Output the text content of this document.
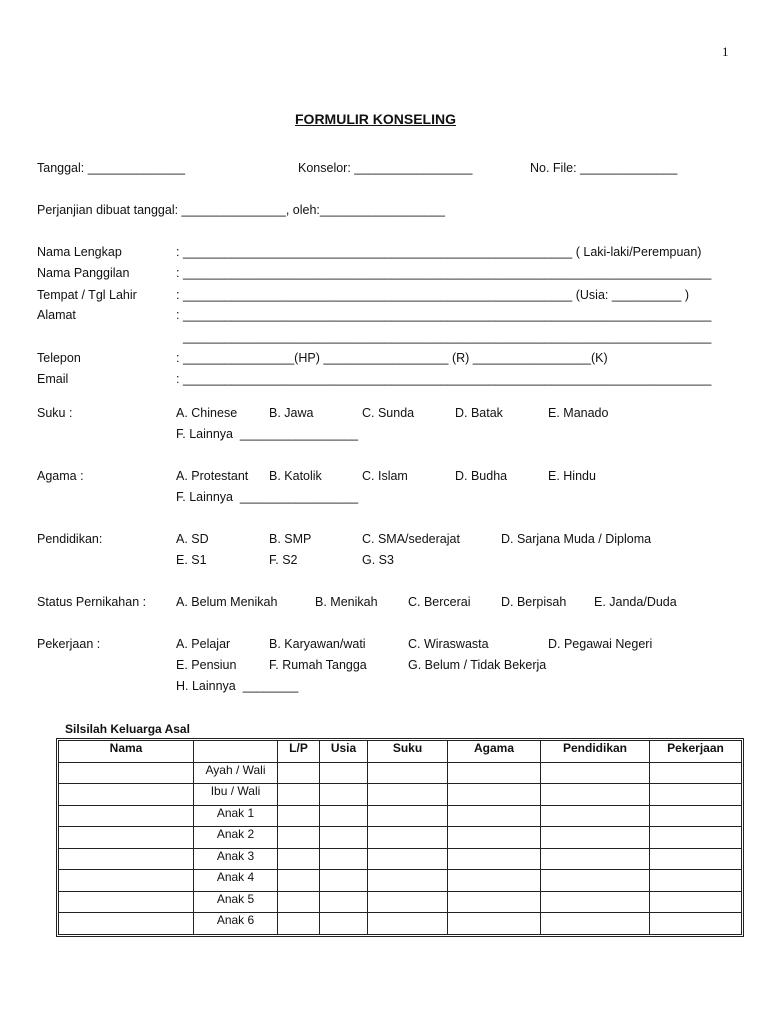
1
FORMULIR KONSELING
Tanggal: ______________	Konselor: _________________	No. File: ______________
Perjanjian dibuat tanggal: _______________, oleh:__________________
Nama Lengkap	: ________________________________________________________ ( Laki-laki/Perempuan)
Nama Panggilan	: ____________________________________________________________________________
Tempat / Tgl Lahir	: ________________________________________________________ (Usia: __________ )
Alamat	: ____________________________________________________________________________
____________________________________________________________________________
Telepon	: ________________(HP) __________________ (R) _________________(K)
Email	: ____________________________________________________________________________
Suku :	A. Chinese	B. Jawa	C. Sunda	D. Batak	E. Manado
F. Lainnya  _________________
Agama :	A. Protestant B. Katolik	C. Islam	D. Budha	E. Hindu
F. Lainnya  _________________
Pendidikan:	A. SD	B. SMP	C. SMA/sederajat	D. Sarjana Muda / Diploma
E. S1	F. S2	G. S3
Status Pernikahan : A. Belum Menikah	B. Menikah C. Bercerai D. Berpisah E. Janda/Duda
Pekerjaan :	A. Pelajar	B. Karyawan/wati	C. Wiraswasta	D. Pegawai Negeri
E. Pensiun	F. Rumah Tangga	G. Belum / Tidak Bekerja
H. Lainnya  ________
Silsilah Keluarga Asal
Nama		L/P	Usia	Suku	Agama	Pendidikan	Pekerjaan
	Ayah / Wali						
	Ibu / Wali						
	Anak 1						
	Anak 2						
	Anak 3						
	Anak 4						
	Anak 5						
	Anak 6						
